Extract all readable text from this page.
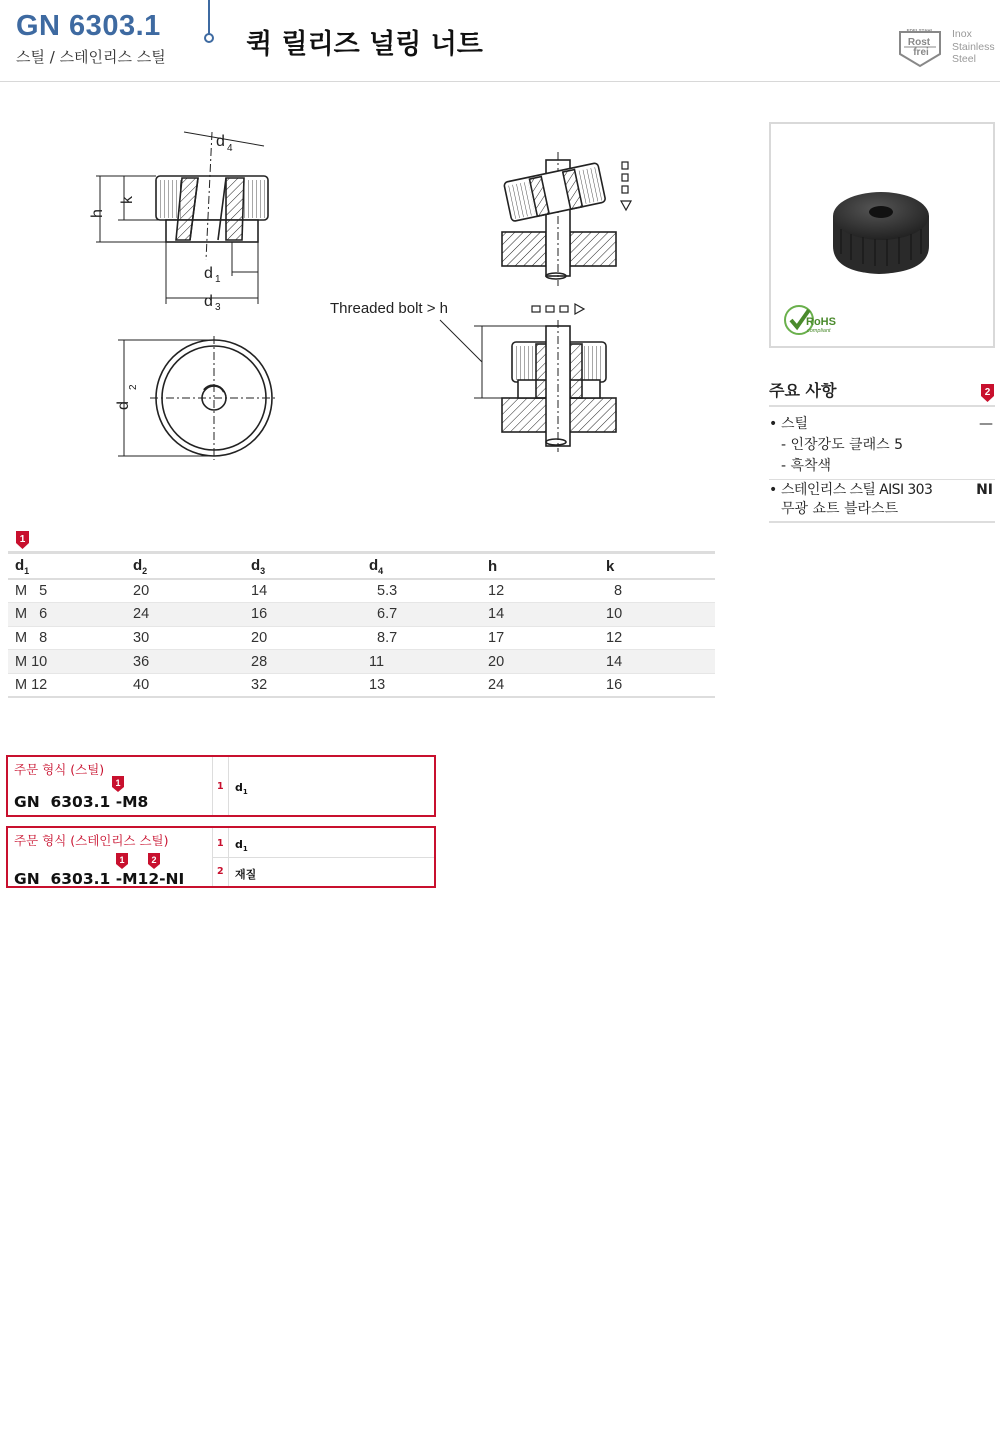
GN 6303.1
스틸 / 스테인리스 스틸	퀵 릴리즈 널링 너트	EDELSTAHL
Rost
frei
Inox
Stainless
Steel
h
k
d 4
d 1
d 3
d
2
Threaded bolt > h
RoHS
compliant
주요 사항	2
• 스틸	—
- 인장강도 클래스 5
- 흑착색
• 스테인리스 스틸 AISI 303	NI
무광 쇼트 블라스트
1
$d_1$	$d_2$	$d_3$	$d_4$	h	k
M   5	20	14	5.3	12	8
M   6	24	16	6.7	14	10
M   8	30	20	8.7	17	12
M 10	36	28	11	20	14
M 12	40	32	13	24	16
주문 형식 (스틸)
1
GN  6303.1 -M8
1 $d_1$
주문 형식 (스테인리스 스틸)
1	2
GN  6303.1 -M12-NI
1 $d_1$
2 재질
